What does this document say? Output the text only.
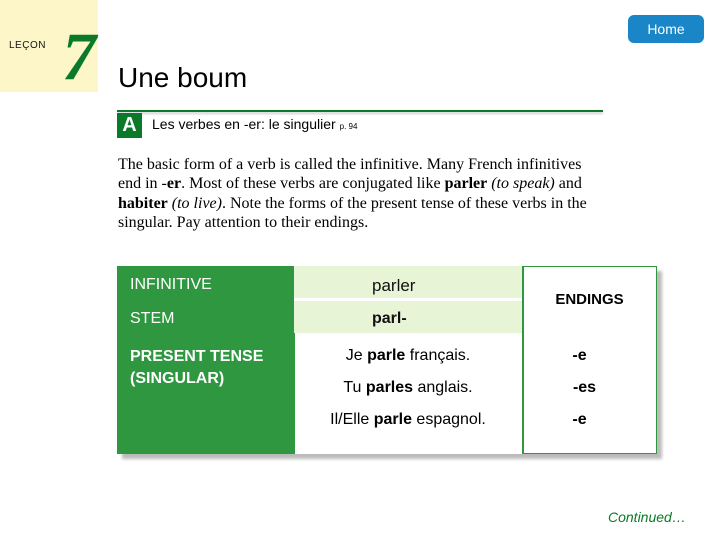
LEÇON 7	Home
Une boum
A	Les verbes en -er: le singulier p. 94
The basic form of a verb is called the infinitive. Many French infinitives end in -er. Most of these verbs are conjugated like parler (to speak) and habiter (to live). Note the forms of the present tense of these verbs in the singular. Pay attention to their endings.
INFINITIVE	parler
STEM	parl-
ENDINGS
PRESENT TENSE
(SINGULAR)
Je parle français.	-e
Tu parles anglais.	-es
Il/Elle parle espagnol.	-e
Continued…
